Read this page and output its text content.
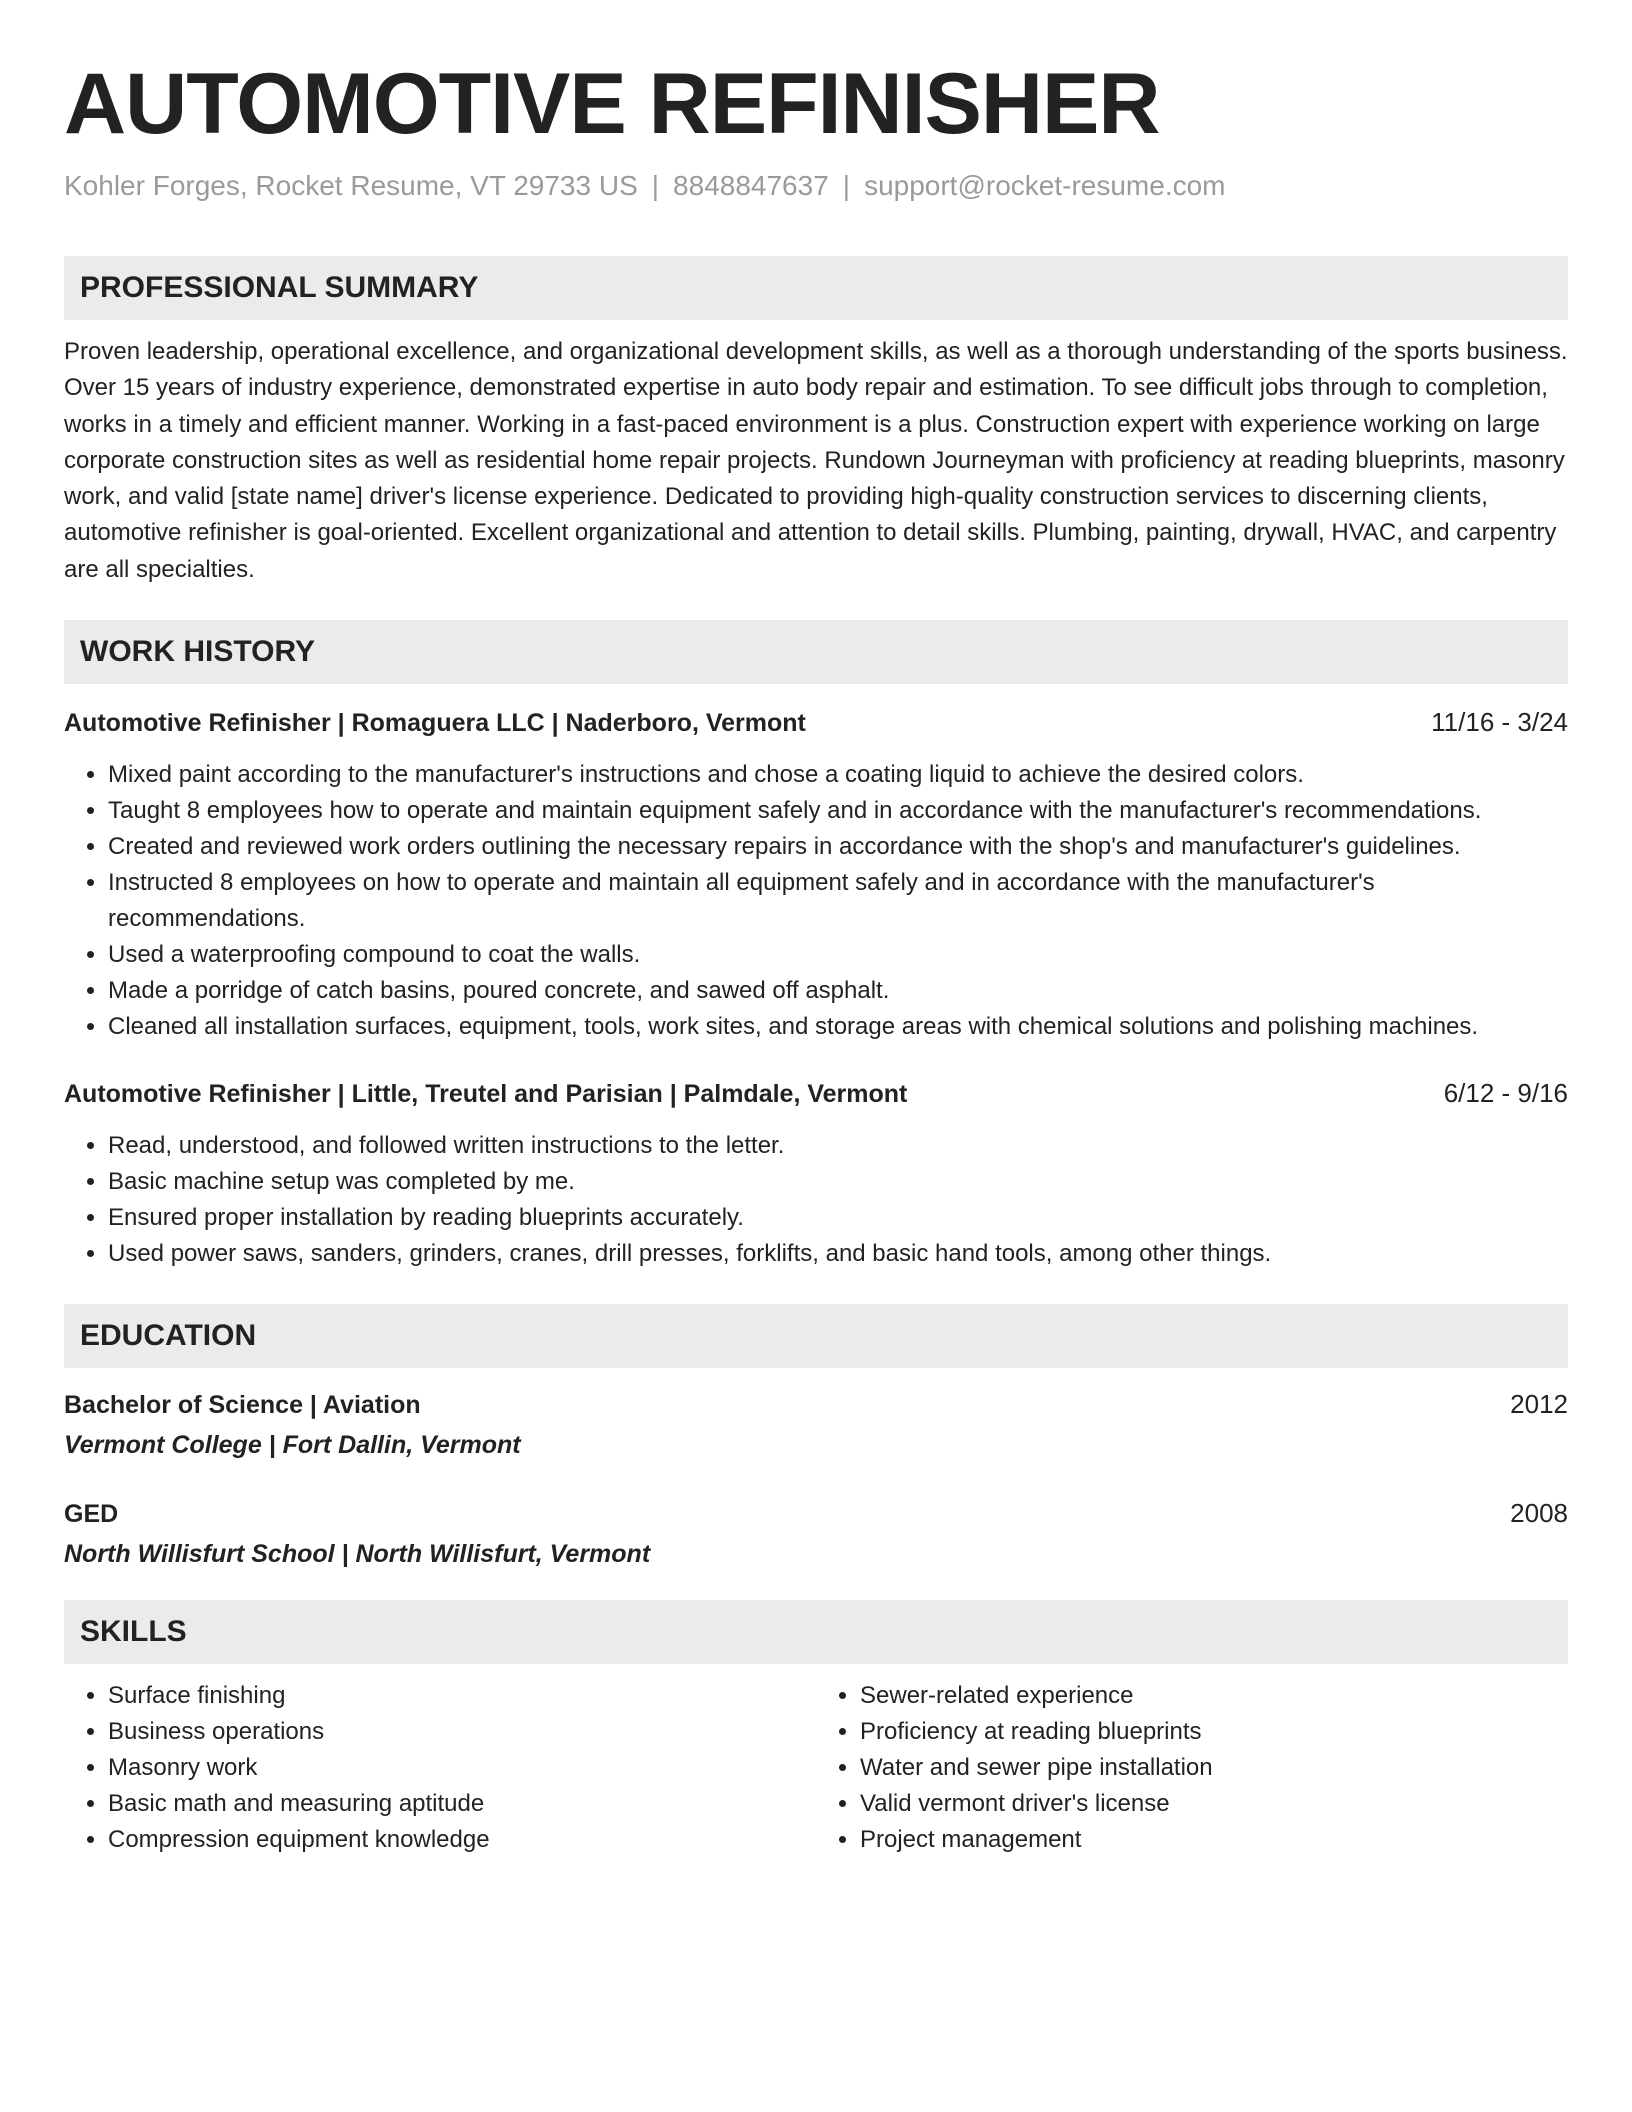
AUTOMOTIVE REFINISHER
Kohler Forges, Rocket Resume, VT 29733 US | 8848847637 | support@rocket-resume.com
PROFESSIONAL SUMMARY
Proven leadership, operational excellence, and organizational development skills, as well as a thorough understanding of the sports business. Over 15 years of industry experience, demonstrated expertise in auto body repair and estimation. To see difficult jobs through to completion, works in a timely and efficient manner. Working in a fast-paced environment is a plus. Construction expert with experience working on large corporate construction sites as well as residential home repair projects. Rundown Journeyman with proficiency at reading blueprints, masonry work, and valid [state name] driver's license experience. Dedicated to providing high-quality construction services to discerning clients, automotive refinisher is goal-oriented. Excellent organizational and attention to detail skills. Plumbing, painting, drywall, HVAC, and carpentry are all specialties.
WORK HISTORY
Automotive Refinisher | Romaguera LLC | Naderboro, Vermont	11/16 - 3/24
• Mixed paint according to the manufacturer's instructions and chose a coating liquid to achieve the desired colors.
• Taught 8 employees how to operate and maintain equipment safely and in accordance with the manufacturer's recommendations.
• Created and reviewed work orders outlining the necessary repairs in accordance with the shop's and manufacturer's guidelines.
• Instructed 8 employees on how to operate and maintain all equipment safely and in accordance with the manufacturer's recommendations.
• Used a waterproofing compound to coat the walls.
• Made a porridge of catch basins, poured concrete, and sawed off asphalt.
• Cleaned all installation surfaces, equipment, tools, work sites, and storage areas with chemical solutions and polishing machines.
Automotive Refinisher | Little, Treutel and Parisian | Palmdale, Vermont	6/12 - 9/16
• Read, understood, and followed written instructions to the letter.
• Basic machine setup was completed by me.
• Ensured proper installation by reading blueprints accurately.
• Used power saws, sanders, grinders, cranes, drill presses, forklifts, and basic hand tools, among other things.
EDUCATION
Bachelor of Science | Aviation	2012
Vermont College | Fort Dallin, Vermont
GED	2008
North Willisfurt School | North Willisfurt, Vermont
SKILLS
• Surface finishing
• Business operations
• Masonry work
• Basic math and measuring aptitude
• Compression equipment knowledge
• Sewer-related experience
• Proficiency at reading blueprints
• Water and sewer pipe installation
• Valid vermont driver's license
• Project management
